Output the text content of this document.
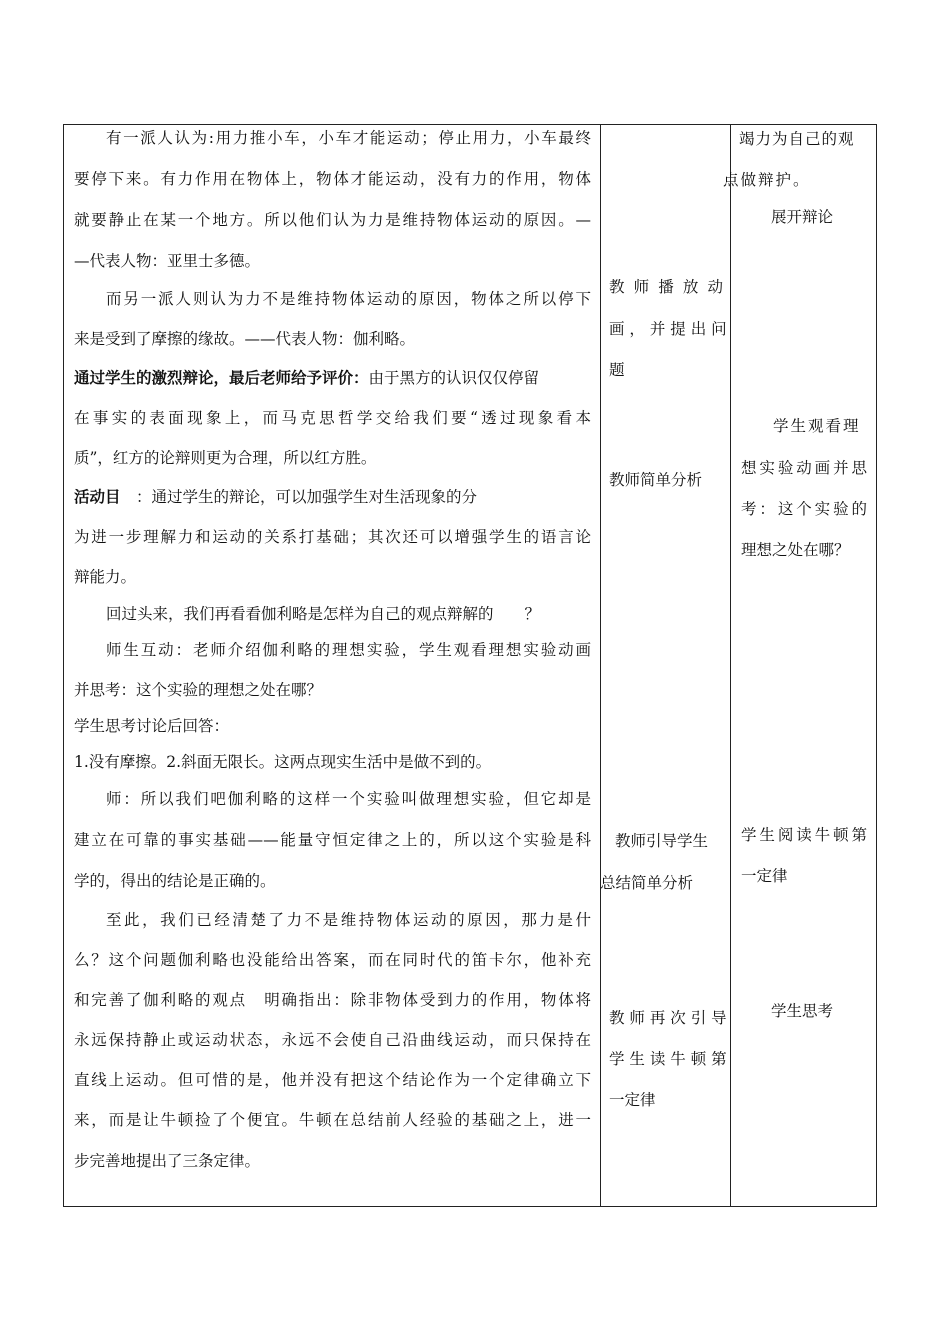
有一派人认为:用力推小车，小车才能运动；停止用力，小车最终
要停下来。有力作用在物体上，物体才能运动，没有力的作用，物体
就要静止在某一个地方。所以他们认为力是维持物体运动的原因。—
—代表人物：亚里士多德。
而另一派人则认为力不是维持物体运动的原因，物体之所以停下
来是受到了摩擦的缘故。——代表人物：伽利略。
通过学生的激烈辩论，最后老师给予评价：由于黑方的认识仅仅停留
在事实的表面现象上，而马克思哲学交给我们要“透过现象看本
质”，红方的论辩则更为合理，所以红方胜。
活动目　 ：通过学生的辩论，可以加强学生对生活现象的分
为进一步理解力和运动的关系打基础；其次还可以增强学生的语言论
辩能力。
回过头来，我们再看看伽利略是怎样为自己的观点辩解的　　？
师生互动：老师介绍伽利略的理想实验，学生观看理想实验动画
并思考：这个实验的理想之处在哪？
学生思考讨论后回答：
1.没有摩擦。2.斜面无限长。这两点现实生活中是做不到的。
师：所以我们吧伽利略的这样一个实验叫做理想实验，但它却是
建立在可靠的事实基础——能量守恒定律之上的，所以这个实验是科
学的，得出的结论是正确的。
至此，我们已经清楚了力不是维持物体运动的原因，那力是什
么？这个问题伽利略也没能给出答案，而在同时代的笛卡尔，他补充
和完善了伽利略的观点　明确指出：除非物体受到力的作用，物体将
永远保持静止或运动状态，永远不会使自己沿曲线运动，而只保持在
直线上运动。但可惜的是，他并没有把这个结论作为一个定律确立下
来，而是让牛顿捡了个便宜。牛顿在总结前人经验的基础之上，进一
步完善地提出了三条定律。
教 师 播 放 动
画 ， 并 提 出 问
题
教师简单分析
教师引导学生
总结简单分析
教 师 再 次 引 导
学 生 读 牛 顿 第
一定律
竭力为自己的观
点做辩护。
展开辩论
学生观看理
想实验动画并思
考：这个实验的
理想之处在哪？
学生阅读牛顿第
一定律
学生思考
